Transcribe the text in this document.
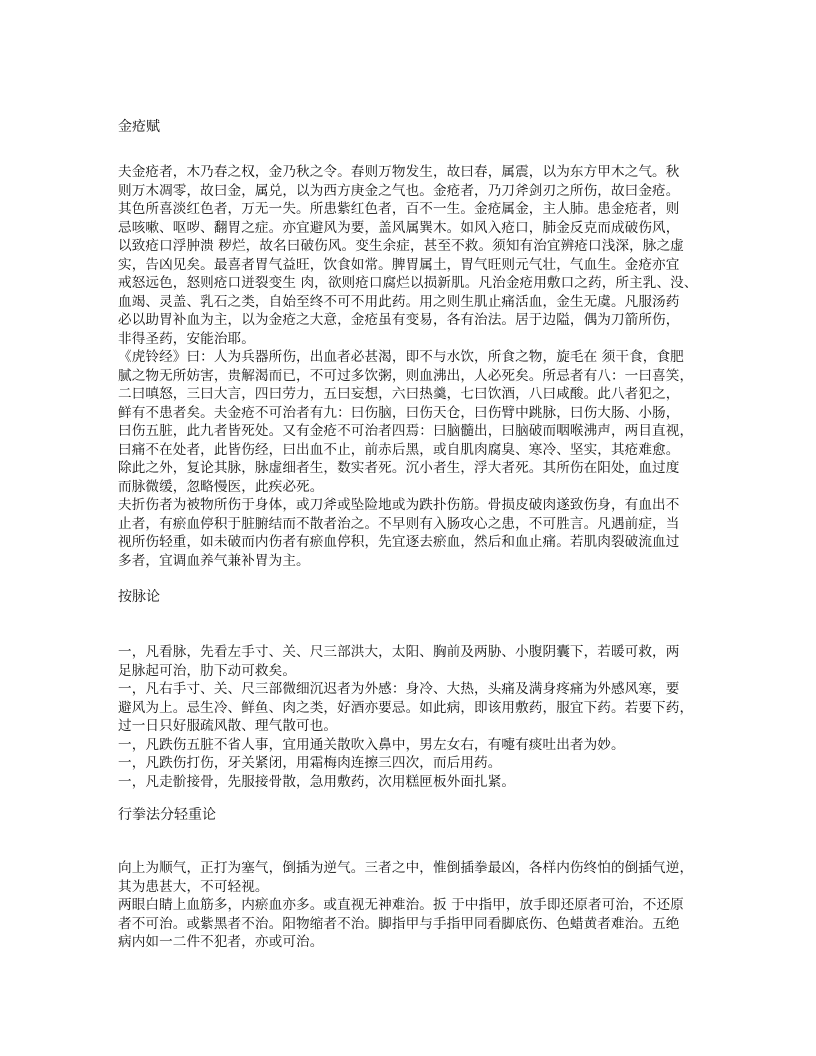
金疮赋
夫金疮者，木乃春之权，金乃秋之令。春则万物发生，故曰春，属震，以为东方甲木之气。秋
则万木凋零，故曰金，属兑，以为西方庚金之气也。金疮者，乃刀斧剑刃之所伤，故曰金疮。
其色所喜淡红色者，万无一失。所患紫红色者，百不一生。金疮属金，主人肺。患金疮者，则
忌咳嗽、呕哕、翻胃之症。亦宜避风为要，盖风属巽木。如风入疮口，肺金反克而成破伤风，
以致疮口浮肿溃 秽烂，故名曰破伤风。变生余症，甚至不救。须知有治宜辨疮口浅深，脉之虚
实，告凶见矣。最喜者胃气益旺，饮食如常。脾胃属土，胃气旺则元气壮，气血生。金疮亦宜
戒怒远色，怒则疮口迸裂变生 肉，欲则疮口腐烂以损新肌。凡治金疮用敷口之药，所主乳、没、
血竭、灵盖、乳石之类，自始至终不可不用此药。用之则生肌止痛活血，金生无虞。凡服汤药
必以助胃补血为主，以为金疮之大意，金疮虽有变易，各有治法。居于边隘，偶为刀箭所伤，
非得圣药，安能治耶。
《虎铃经》曰：人为兵器所伤，出血者必甚渴，即不与水饮，所食之物，旋毛在 须干食，食肥
腻之物无所妨害，贵解渴而已，不可过多饮粥，则血沸出，人必死矣。所忌者有八：一曰喜笑，
二曰嗔怒，三曰大言，四曰劳力，五曰妄想，六曰热羹，七曰饮酒，八曰咸酸。此八者犯之，
鲜有不患者矣。夫金疮不可治者有九：曰伤脑，曰伤天仓，曰伤臂中跳脉，曰伤大肠、小肠，
曰伤五脏，此九者皆死处。又有金疮不可治者四焉：曰脑髓出，曰脑破而咽喉沸声，两目直视，
曰痛不在处者，此皆伤经，曰出血不止，前赤后黑，或自肌肉腐臭、寒冷、坚实，其疮难愈。
除此之外，复论其脉，脉虚细者生，数实者死。沉小者生，浮大者死。其所伤在阳处，血过度
而脉微缓，忽略慢医，此疾必死。
夫折伤者为被物所伤于身体，或刀斧或坠险地或为跌扑伤筋。骨损皮破肉遂致伤身，有血出不
止者，有瘀血停积于脏腑结而不散者治之。不早则有入肠攻心之患，不可胜言。凡遇前症，当
视所伤轻重，如未破而内伤者有瘀血停积，先宜逐去瘀血，然后和血止痛。若肌肉裂破流血过
多者，宜调血养气兼补胃为主。
按脉论
一，凡看脉，先看左手寸、关、尺三部洪大，太阳、胸前及两胁、小腹阴囊下，若暖可救，两
足脉起可治，肋下动可救矣。
一，凡右手寸、关、尺三部微细沉迟者为外感：身冷、大热，头痛及满身疼痛为外感风寒，要
避风为上。忌生冷、鲜鱼、肉之类，好酒亦要忌。如此病，即该用敷药，服宜下药。若要下药，
过一日只好服疏风散、理气散可也。
一，凡跌伤五脏不省人事，宜用通关散吹入鼻中，男左女右，有嚏有痰吐出者为妙。
一，凡跌伤打伤，牙关紧闭，用霜梅肉连擦三四次，而后用药。
一，凡走骱接骨，先服接骨散，急用敷药，次用糕匣板外面扎紧。
行拳法分轻重论
向上为顺气，正打为塞气，倒插为逆气。三者之中，惟倒插拳最凶，各样内伤终怕的倒插气逆，
其为患甚大，不可轻视。
两眼白睛上血筋多，内瘀血亦多。或直视无神难治。扳 于中指甲，放手即还原者可治，不还原
者不可治。或紫黑者不治。阳物缩者不治。脚指甲与手指甲同看脚底伤、色蜡黄者难治。五绝
病内如一二件不犯者，亦或可治。
